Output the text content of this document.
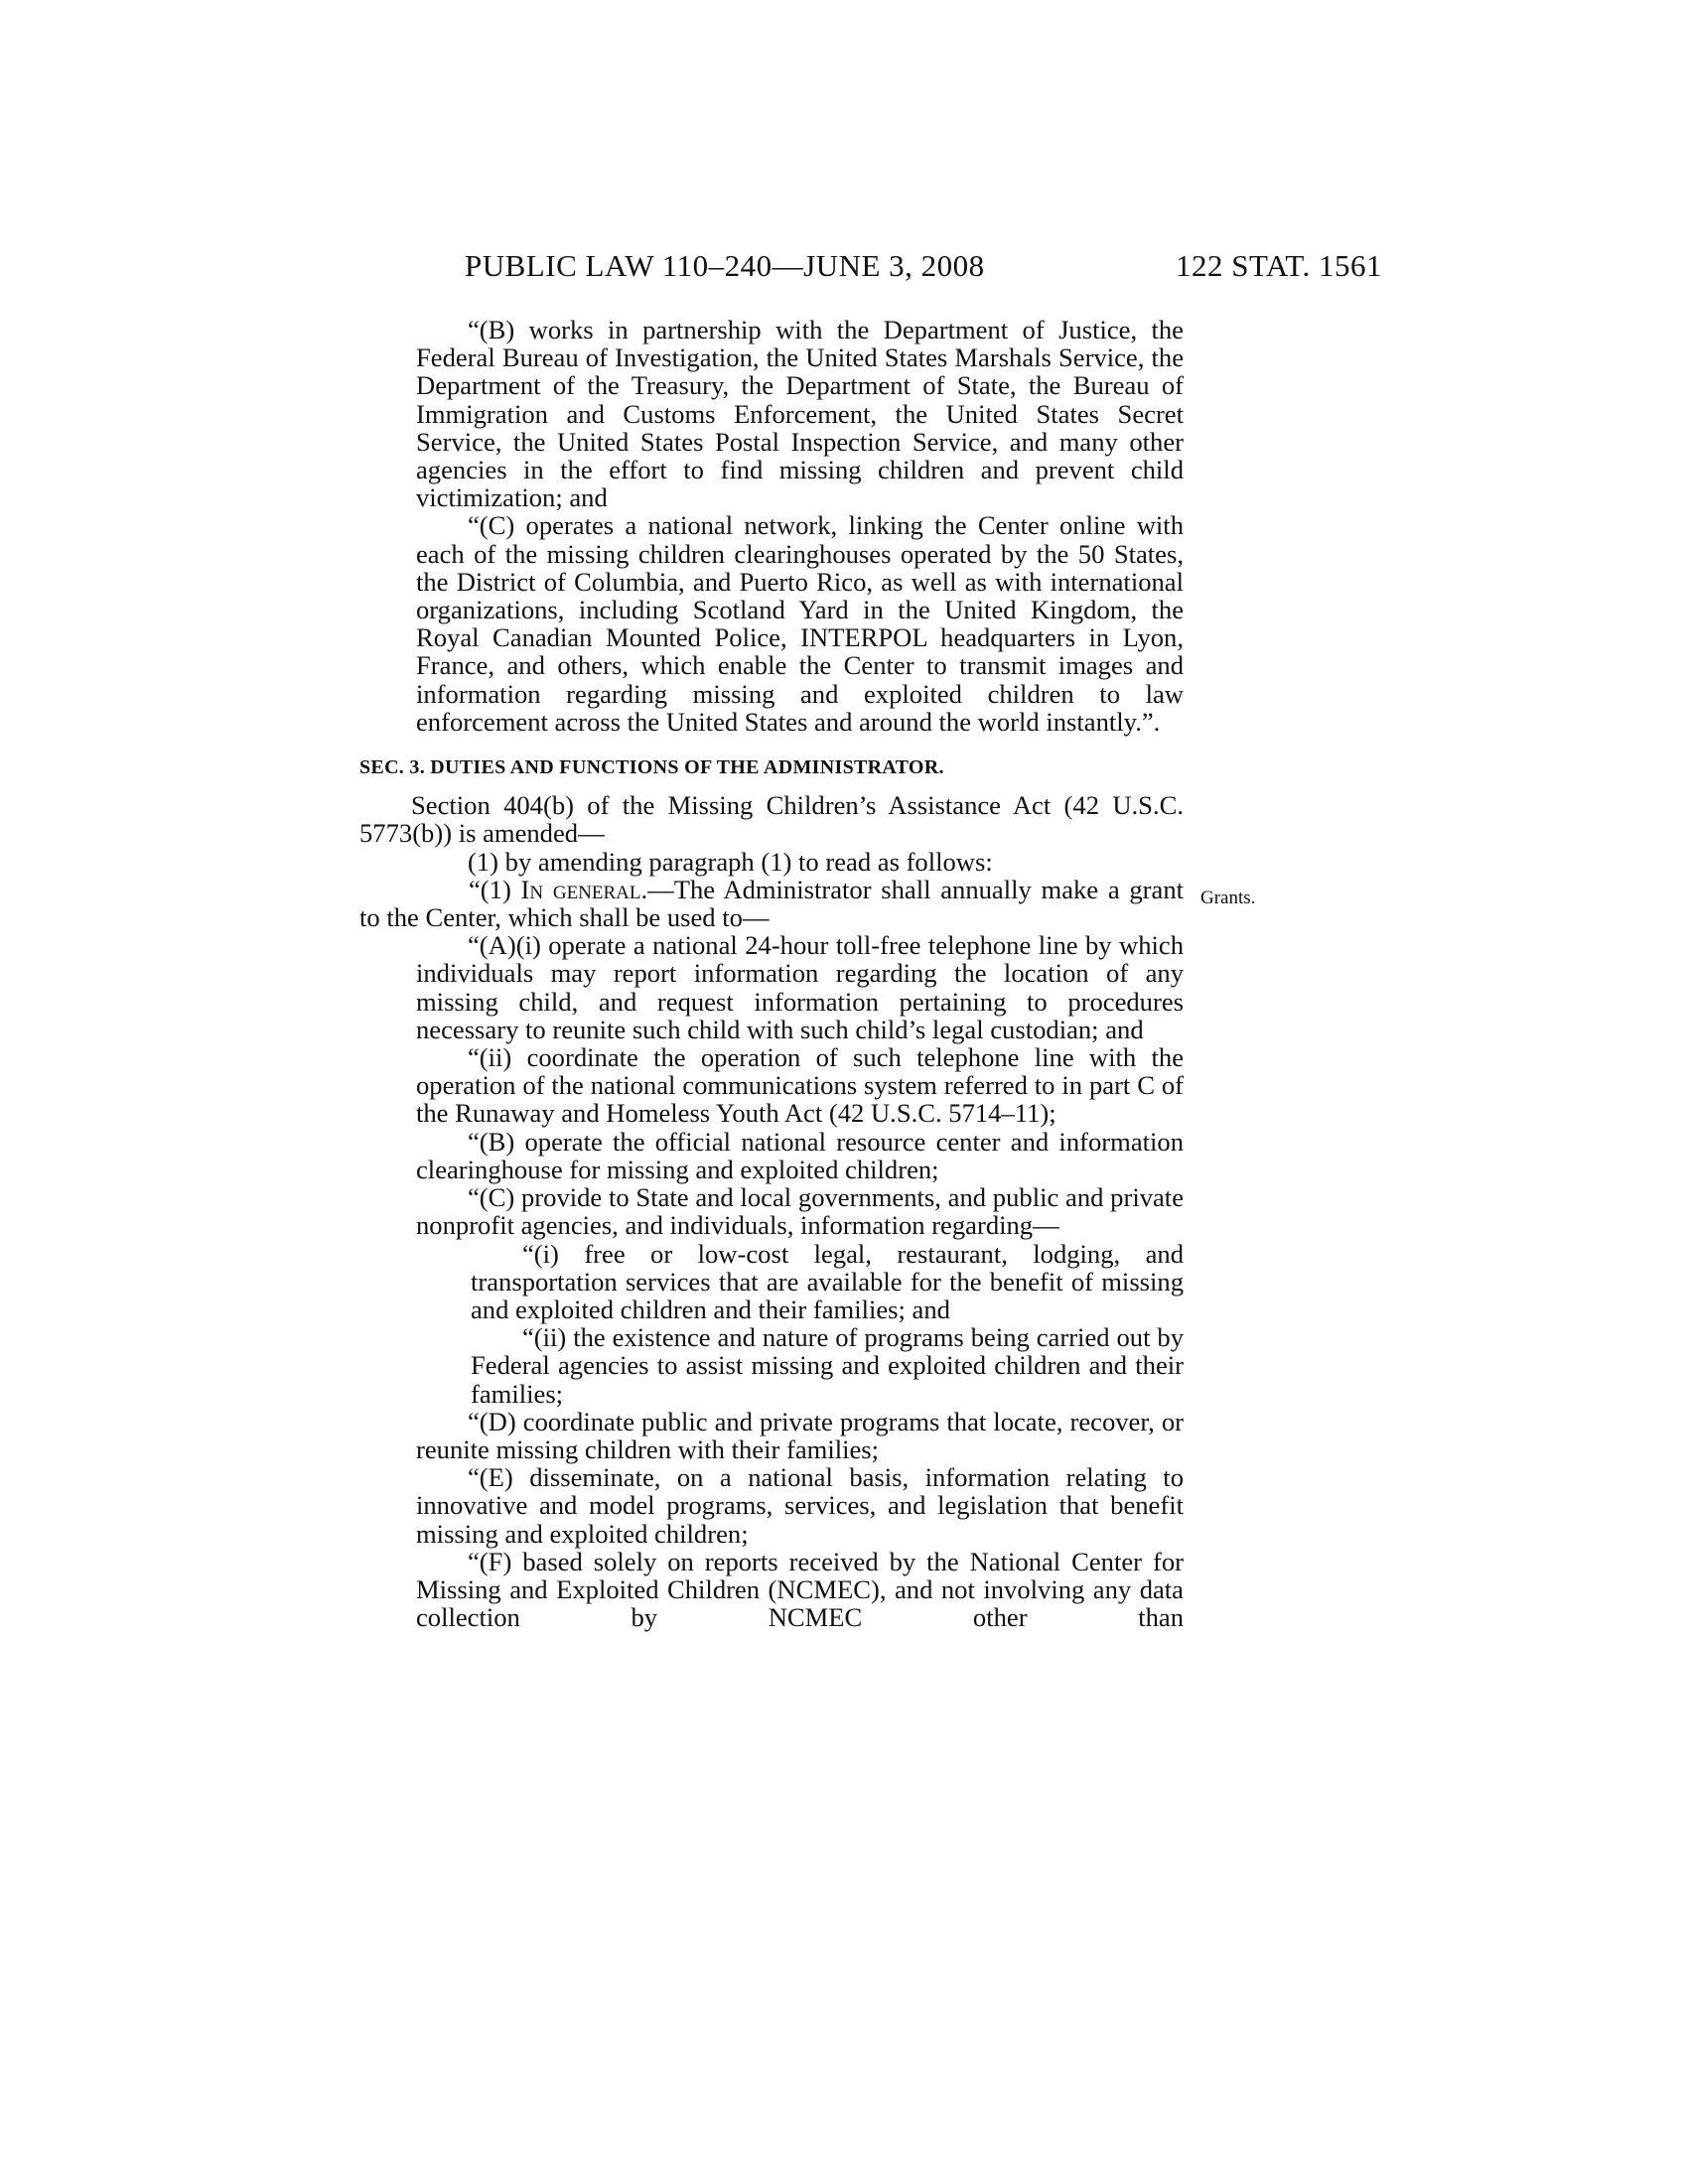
PUBLIC LAW 110–240—JUNE 3, 2008	122 STAT. 1561

“(B) works in partnership with the Department of Justice, the Federal Bureau of Investigation, the United States Marshals Service, the Department of the Treasury, the Department of State, the Bureau of Immigration and Customs Enforcement, the United States Secret Service, the United States Postal Inspection Service, and many other agencies in the effort to find missing children and prevent child victimization; and

“(C) operates a national network, linking the Center online with each of the missing children clearinghouses operated by the 50 States, the District of Columbia, and Puerto Rico, as well as with international organizations, including Scotland Yard in the United Kingdom, the Royal Canadian Mounted Police, INTERPOL headquarters in Lyon, France, and others, which enable the Center to transmit images and information regarding missing and exploited children to law enforcement across the United States and around the world instantly.”.

SEC. 3. DUTIES AND FUNCTIONS OF THE ADMINISTRATOR.

Section 404(b) of the Missing Children’s Assistance Act (42 U.S.C. 5773(b)) is amended—

(1) by amending paragraph (1) to read as follows:

“(1) In general.—The Administrator shall annually make a grant to the Center, which shall be used to—

“(A)(i) operate a national 24-hour toll-free telephone line by which individuals may report information regarding the location of any missing child, and request information pertaining to procedures necessary to reunite such child with such child’s legal custodian; and

“(ii) coordinate the operation of such telephone line with the operation of the national communications system referred to in part C of the Runaway and Homeless Youth Act (42 U.S.C. 5714–11);

“(B) operate the official national resource center and information clearinghouse for missing and exploited children;

“(C) provide to State and local governments, and public and private nonprofit agencies, and individuals, information regarding—

“(i) free or low-cost legal, restaurant, lodging, and transportation services that are available for the benefit of missing and exploited children and their families; and

“(ii) the existence and nature of programs being carried out by Federal agencies to assist missing and exploited children and their families;

“(D) coordinate public and private programs that locate, recover, or reunite missing children with their families;

“(E) disseminate, on a national basis, information relating to innovative and model programs, services, and legislation that benefit missing and exploited children;

“(F) based solely on reports received by the National Center for Missing and Exploited Children (NCMEC), and not involving any data collection by NCMEC other than

Grants.
